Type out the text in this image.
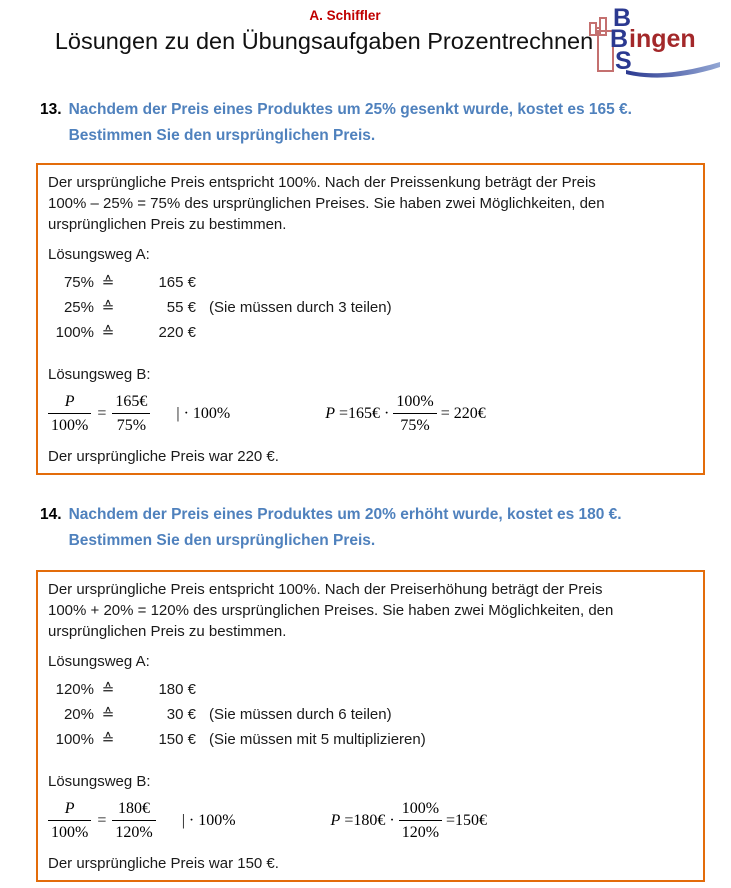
A. Schiffler
Lösungen zu den Übungsaufgaben Prozentrechnen
B
B
S
ingen
13. Nachdem der Preis eines Produktes um 25% gesenkt wurde, kostet es 165 €.
Bestimmen Sie den ursprünglichen Preis.

Der ursprüngliche Preis entspricht 100%. Nach der Preissenkung beträgt der Preis
100% – 25% = 75% des ursprünglichen Preises. Sie haben zwei Möglichkeiten, den
ursprünglichen Preis zu bestimmen.

Lösungsweg A:
75% ≙	165 €
25% ≙	55 € (Sie müssen durch 3 teilen)
100% ≙	220 €
Lösungsweg B:
$\frac{P}{100\%} = \frac{165€}{75\%}$ | · 100%	P =165€ · $\frac{100\%}{75\%}$ = 220€
Der ursprüngliche Preis war 220 €.
14. Nachdem der Preis eines Produktes um 20% erhöht wurde, kostet es 180 €.
Bestimmen Sie den ursprünglichen Preis.

Der ursprüngliche Preis entspricht 100%. Nach der Preiserhöhung beträgt der Preis
100% + 20% = 120% des ursprünglichen Preises. Sie haben zwei Möglichkeiten, den
ursprünglichen Preis zu bestimmen.

Lösungsweg A:
120% ≙	180 €
20% ≙	30 € (Sie müssen durch 6 teilen)
100% ≙	150 € (Sie müssen mit 5 multiplizieren)
Lösungsweg B:
$\frac{P}{100\%} = \frac{180€}{120\%}$ | · 100%	P =180€ · $\frac{100\%}{120\%}$ =150€
Der ursprüngliche Preis war 150 €.
